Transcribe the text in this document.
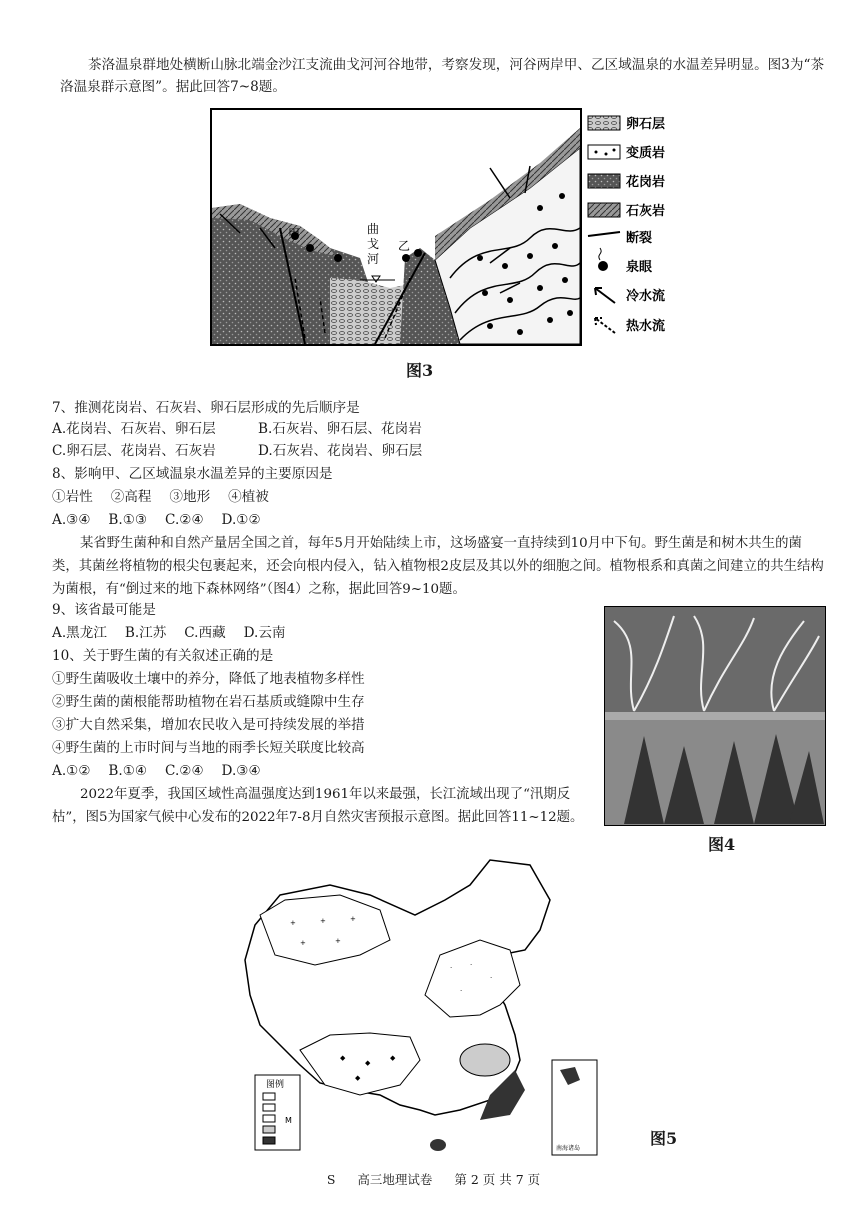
茶洛温泉群地处横断山脉北端金沙江支流曲戈河河谷地带，考察发现，河谷两岸甲、乙区域温泉的水温差异明显。图3为“茶洛温泉群示意图”。据此回答7~8题。
甲
乙
曲
戈
河
卵石层
变质岩
花岗岩
石灰岩
断裂
泉眼
冷水流
热水流
图3
7、推测花岗岩、石灰岩、卵石层形成的先后顺序是
A.花岗岩、石灰岩、卵石层	B.石灰岩、卵石层、花岗岩
C.卵石层、花岗岩、石灰岩	D.石灰岩、花岗岩、卵石层
8、影响甲、乙区域温泉水温差异的主要原因是
①岩性　 ②高程　 ③地形　 ④植被
A.③④　 B.①③　 C.②④　 D.①②
某省野生菌种和自然产量居全国之首，每年5月开始陆续上市，这场盛宴一直持续到10月中下旬。野生菌是和树木共生的菌类，其菌丝将植物的根尖包裹起来，还会向根内侵入，钻入植物根2皮层及其以外的细胞之间。植物根系和真菌之间建立的共生结构为菌根，有“倒过来的地下森林网络”（图4）之称，据此回答9~10题。
9、该省最可能是
A.黑龙江　 B.江苏　 C.西藏　 D.云南
10、关于野生菌的有关叙述正确的是
①野生菌吸收土壤中的养分，降低了地表植物多样性
②野生菌的菌根能帮助植物在岩石基质或缝隙中生存
③扩大自然采集，增加农民收入是可持续发展的举措
④野生菌的上市时间与当地的雨季长短关联度比较高
A.①②　 B.①④　 C.②④　 D.③④
图4
2022年夏季，我国区域性高温强度达到1961年以来最强，长江流域出现了“汛期反枯”，图5为国家气候中心发布的2022年7-8月自然灾害预报示意图。据此回答11~12题。
+	+	+
+	+
·	·
·
·
◆
◆
◆
◆
图例
M
南海诸岛
图5
S 高三地理试卷 第 2 页 共 7 页
